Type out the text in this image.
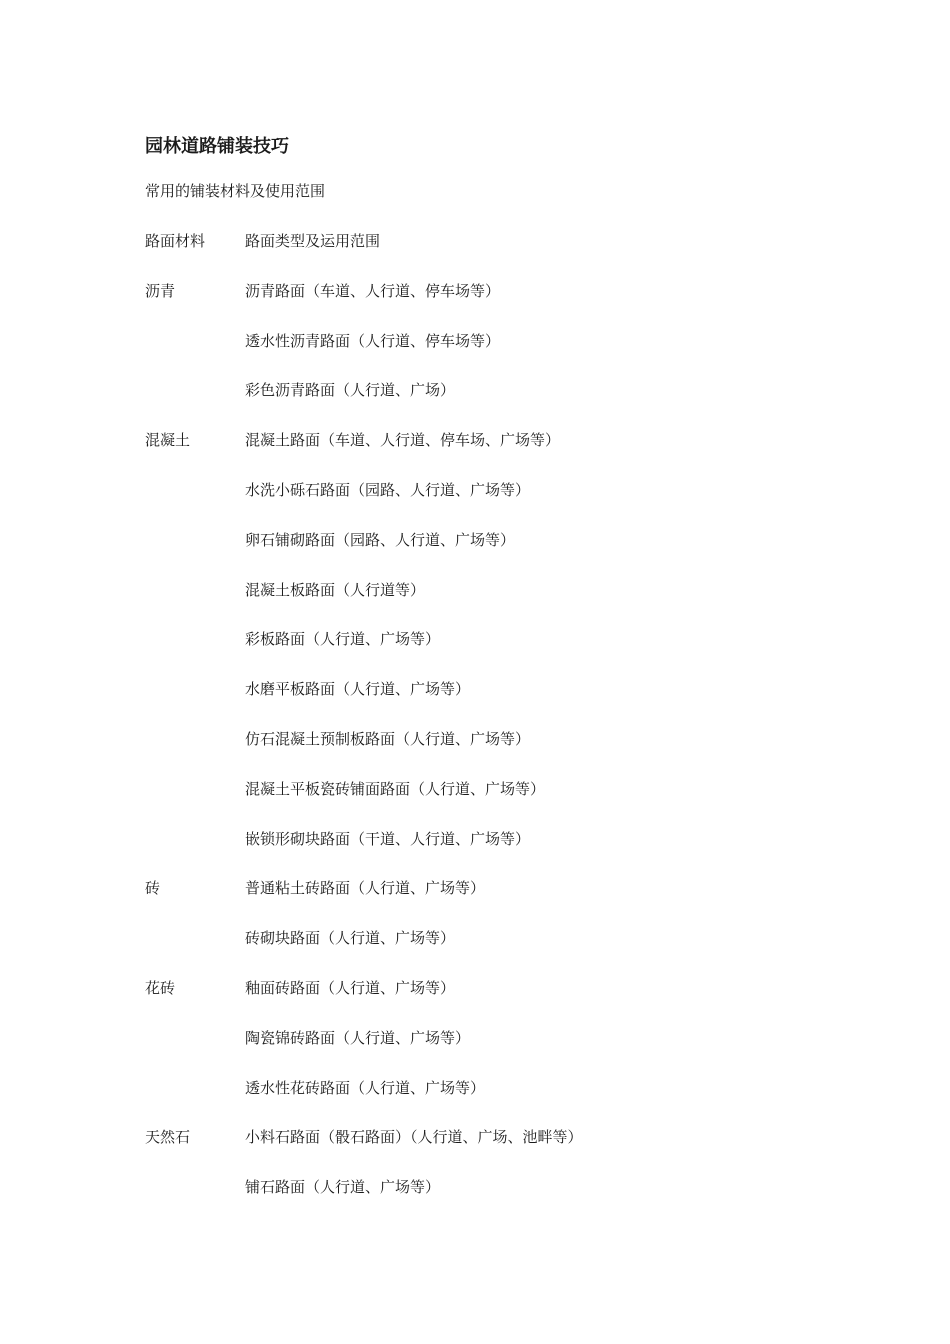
园林道路铺装技巧
常用的铺装材料及使用范围
路面材料	路面类型及运用范围
沥青	沥青路面（车道、人行道、停车场等）
透水性沥青路面（人行道、停车场等）
彩色沥青路面（人行道、广场）
混凝土	混凝土路面（车道、人行道、停车场、广场等）
水洗小砾石路面（园路、人行道、广场等）
卵石铺砌路面（园路、人行道、广场等）
混凝土板路面（人行道等）
彩板路面（人行道、广场等）
水磨平板路面（人行道、广场等）
仿石混凝土预制板路面（人行道、广场等）
混凝土平板瓷砖铺面路面（人行道、广场等）
嵌锁形砌块路面（干道、人行道、广场等）
砖	普通粘土砖路面（人行道、广场等）
砖砌块路面（人行道、广场等）
花砖	釉面砖路面（人行道、广场等）
陶瓷锦砖路面（人行道、广场等）
透水性花砖路面（人行道、广场等）
天然石	小料石路面（骰石路面）（人行道、广场、池畔等）
铺石路面（人行道、广场等）
